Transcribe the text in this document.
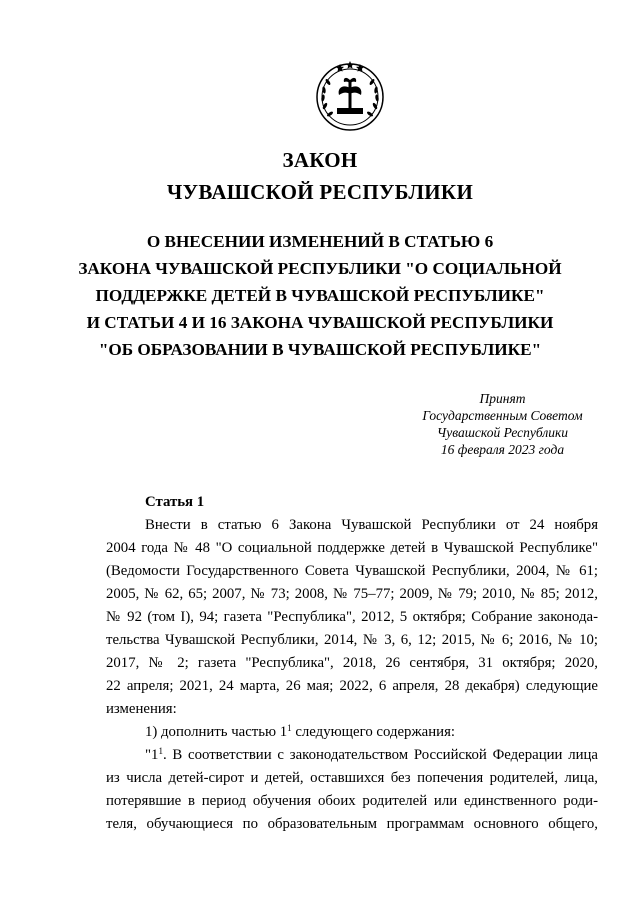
ЗАКОН
ЧУВАШСКОЙ РЕСПУБЛИКИ
О ВНЕСЕНИИ ИЗМЕНЕНИЙ В СТАТЬЮ 6
ЗАКОНА ЧУВАШСКОЙ РЕСПУБЛИКИ "О СОЦИАЛЬНОЙ
ПОДДЕРЖКЕ ДЕТЕЙ В ЧУВАШСКОЙ РЕСПУБЛИКЕ"
И СТАТЬИ 4 И 16 ЗАКОНА ЧУВАШСКОЙ РЕСПУБЛИКИ
"ОБ ОБРАЗОВАНИИ В ЧУВАШСКОЙ РЕСПУБЛИКЕ"
Принят
Государственным Советом
Чувашской Республики
16 февраля 2023 года
Статья 1
Внести в статью 6 Закона Чувашской Республики от 24 ноября
2004 года № 48 "О социальной поддержке детей в Чувашской Республике"
(Ведомости Государственного Совета Чувашской Республики, 2004, № 61;
2005, № 62, 65; 2007, № 73; 2008, № 75–77; 2009, № 79; 2010, № 85; 2012,
№ 92 (том I), 94; газета "Республика", 2012, 5 октября; Собрание законода-
тельства Чувашской Республики, 2014, № 3, 6, 12; 2015, № 6; 2016, № 10;
2017, № 2; газета "Республика", 2018, 26 сентября, 31 октября; 2020,
22 апреля; 2021, 24 марта, 26 мая; 2022, 6 апреля, 28 декабря) следующие
изменения:
1) дополнить частью $1^1$ следующего содержания:
"$1^1$. В соответствии с законодательством Российской Федерации лица
из числа детей-сирот и детей, оставшихся без попечения родителей, лица,
потерявшие в период обучения обоих родителей или единственного роди-
теля, обучающиеся по образовательным программам основного общего,
